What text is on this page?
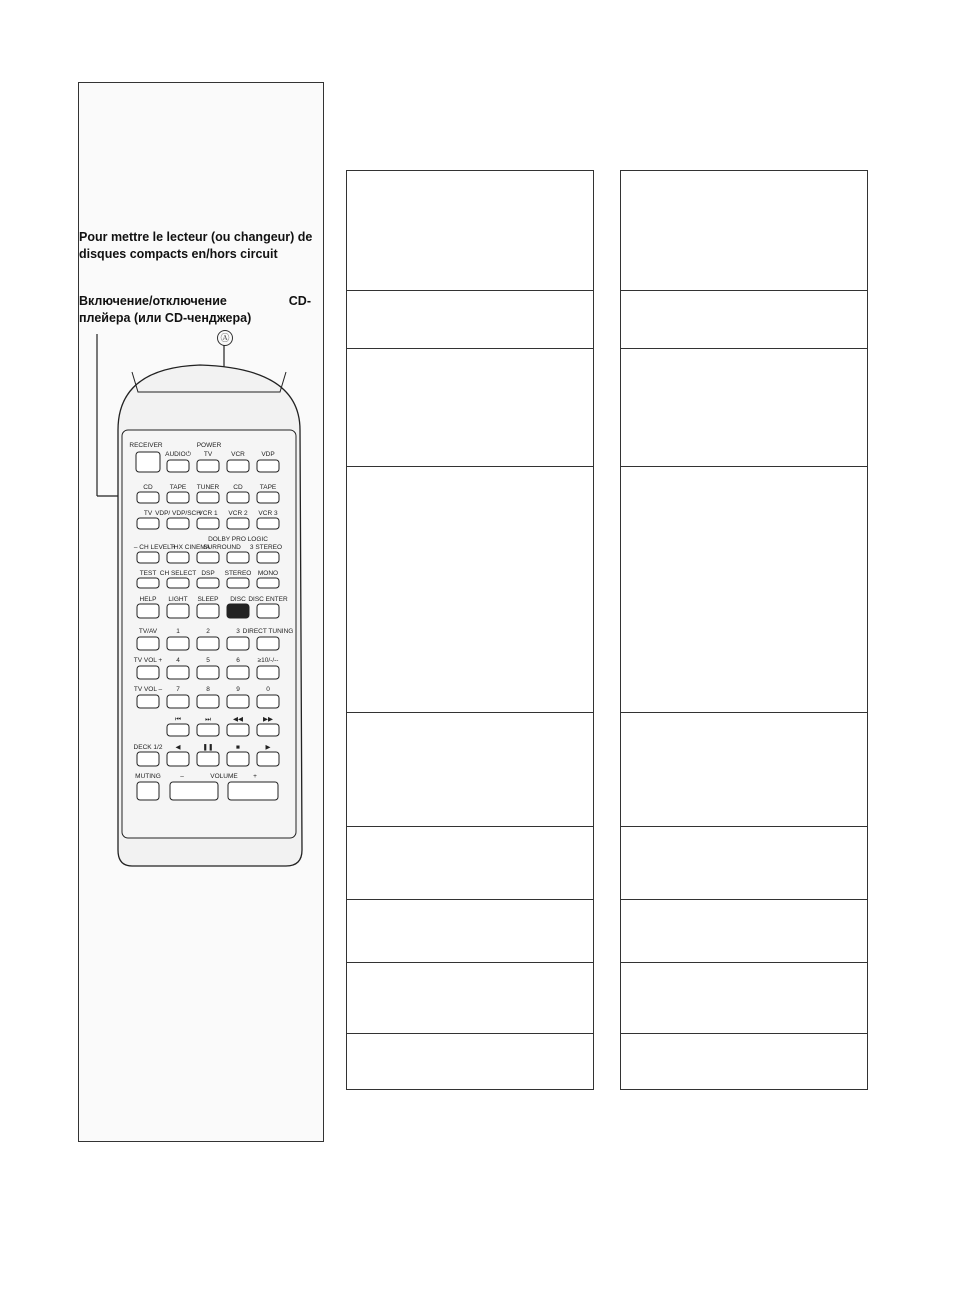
Pour mettre le lecteur (ou changeur) de disques compacts en/hors circuit
Включение/отключение	CD-

плейера (или CD-ченджера)
Ⓐ
RECEIVER	POWER
AUDIO⏻ TV	VCR	VDP
CD	TAPE TUNER CD	TAPE
TV VDP/ VDP/SCH
VCR 1 VCR 2 VCR 3
DOLBY PRO LOGIC
– CH LEVEL +
THX CINEMA
SURROUND 3 STEREO
TEST CH SELECT DSP STEREO MONO
HELP LIGHT SLEEP DISC DISC ENTER
TV/AV	1	2	3 DIRECT TUNING
TV VOL + 4	5	6	≥10/-/--
TV VOL – 7	8	9	0
⏮	⏭	◀◀	▶▶
DECK 1/2 ◀	❚❚	■	▶
MUTING	–	VOLUME +
